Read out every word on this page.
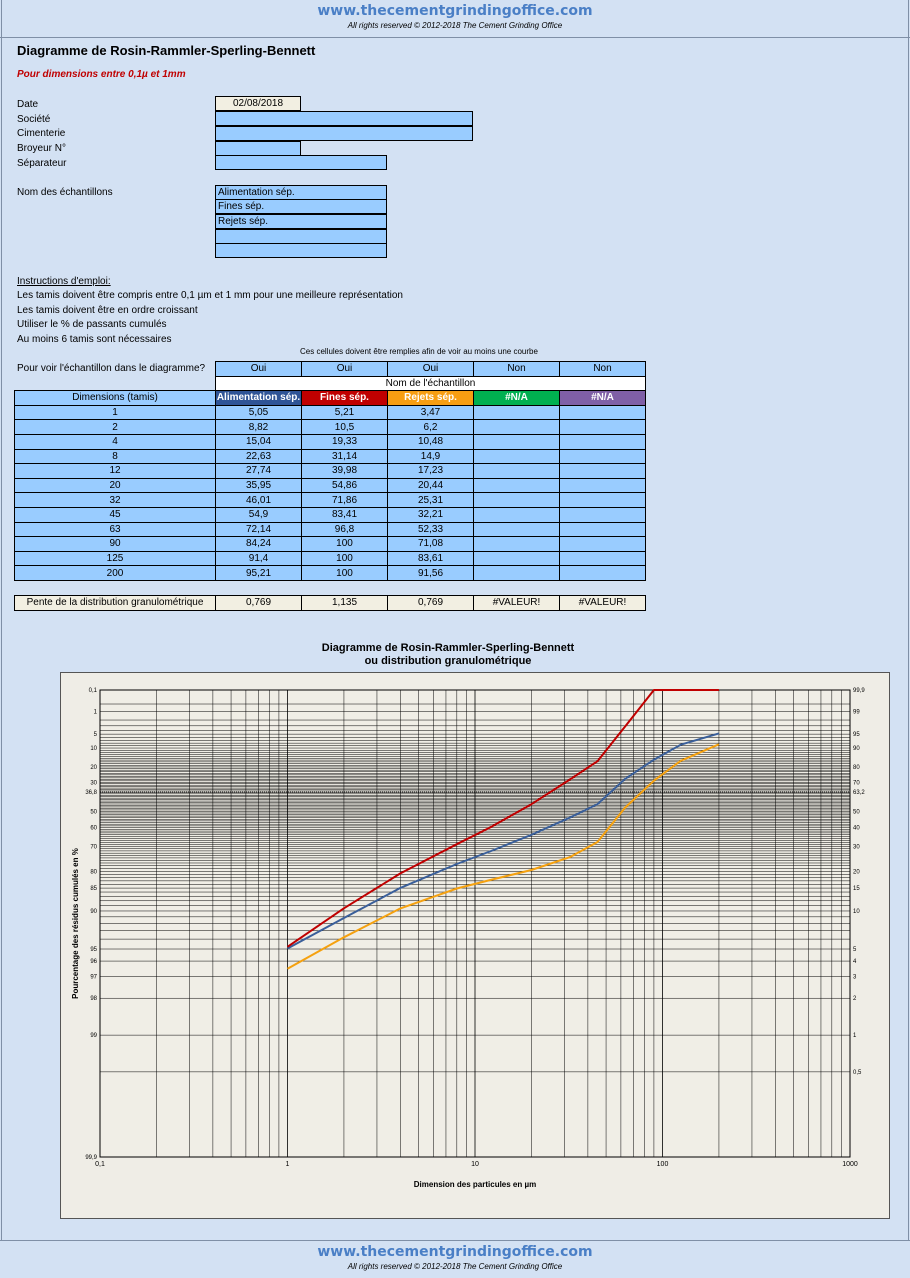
www.thecementgrindingoffice.com
All rights reserved © 2012-2018 The Cement Grinding Office
Diagramme de Rosin-Rammler-Sperling-Bennett
Pour dimensions entre 0,1µ et 1mm
Date	02/08/2018
Société
Cimenterie
Broyeur N°
Séparateur
Nom des échantillons	Alimentation sép.
Fines sép.
Rejets sép.
Instructions d'emploi:
Les tamis doivent être compris entre 0,1 µm et 1 mm pour une meilleure représentation
Les tamis doivent être en ordre croissant
Utiliser le % de passants cumulés
Au moins 6 tamis sont nécessaires
Ces cellules doivent être remplies afin de voir au moins une courbe
Pour voir l'échantillon dans le diagramme?
		Oui	Oui	Oui	Non	Non
	Nom de l'échantillon				
Dimensions (tamis)	Alimentation sép.	Fines sép.	Rejets sép.	#N/A	#N/A
1	5,05	5,21	3,47		
2	8,82	10,5	6,2		
4	15,04	19,33	10,48		
8	22,63	31,14	14,9		
12	27,74	39,98	17,23		
20	35,95	54,86	20,44		
32	46,01	71,86	25,31		
45	54,9	83,41	32,21		
63	72,14	96,8	52,33		
90	84,24	100	71,08		
125	91,4	100	83,61		
200	95,21	100	91,56		
Pente de la distribution granulométrique	0,769	1,135	0,769	#VALEUR!	#VALEUR!
Diagramme de Rosin-Rammler-Sperling-Bennett
ou distribution granulométrique
0,1
1
5
10
20
30
36,8
50
60
70
80
85
90
95
96
97
98
99
99,9
99,9
99
95
90
80
70
63,2
50
40
30
20
15
10
5
4
3
2
1
0,5
0,1	1	10	100	1000
Dimension des particules en µm
Pourcentage des résidus cumulés en %
www.thecementgrindingoffice.com
All rights reserved © 2012-2018 The Cement Grinding Office
